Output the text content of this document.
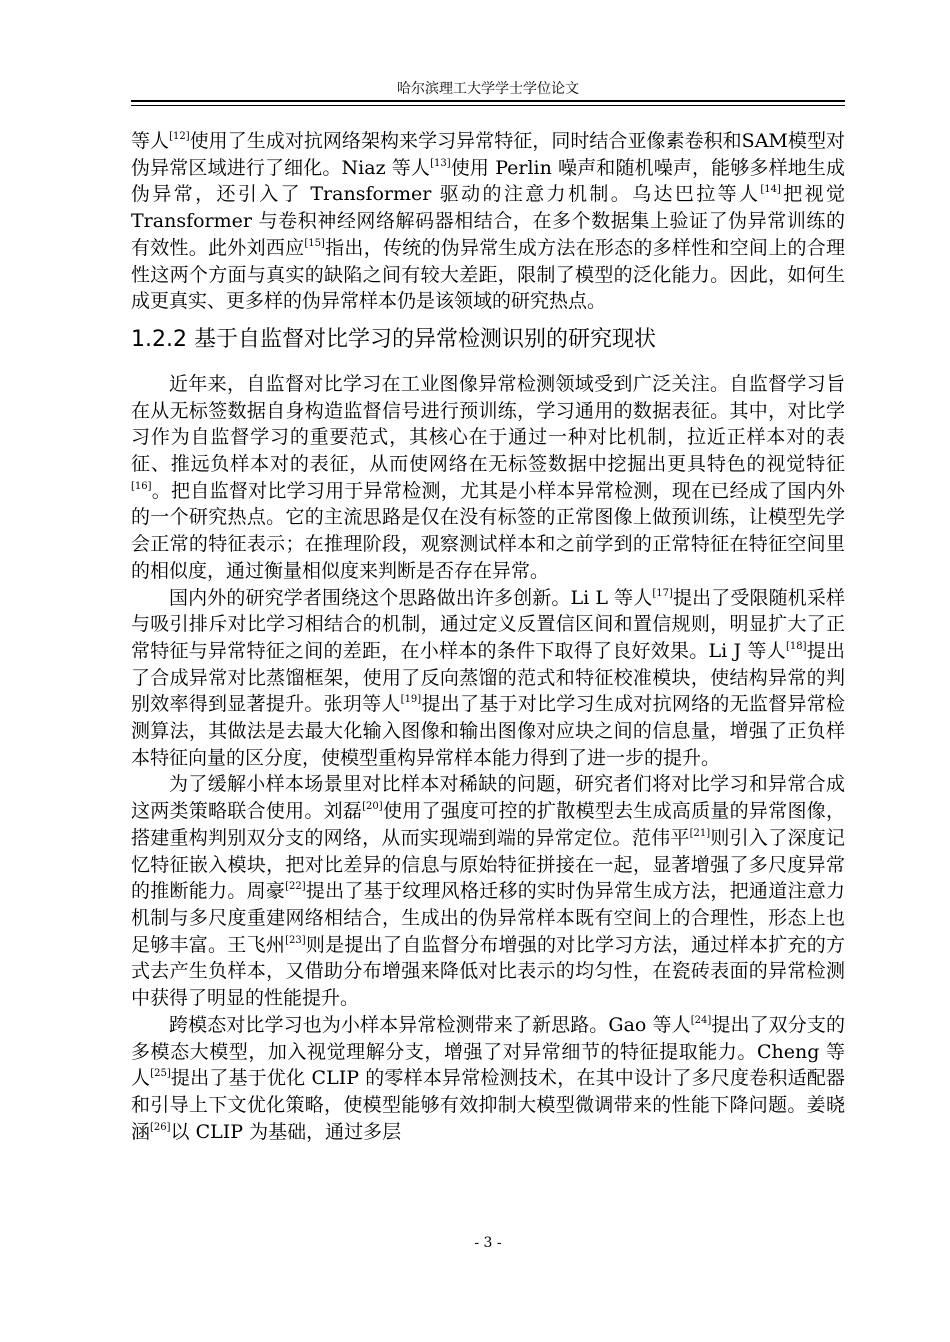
哈尔滨理工大学学士学位论文

等人[12]使用了生成对抗网络架构来学习异常特征，同时结合亚像素卷积和SAM模型对伪异常区域进行了细化。Niaz 等人[13]使用 Perlin 噪声和随机噪声，能够多样地生成伪异常，还引入了 Transformer 驱动的注意力机制。乌达巴拉等人[14]把视觉 Transformer 与卷积神经网络解码器相结合，在多个数据集上验证了伪异常训练的有效性。此外刘西应[15]指出，传统的伪异常生成方法在形态的多样性和空间上的合理性这两个方面与真实的缺陷之间有较大差距，限制了模型的泛化能力。因此，如何生成更真实、更多样的伪异常样本仍是该领域的研究热点。

1.2.2 基于自监督对比学习的异常检测识别的研究现状

近年来，自监督对比学习在工业图像异常检测领域受到广泛关注。自监督学习旨在从无标签数据自身构造监督信号进行预训练，学习通用的数据表征。其中，对比学习作为自监督学习的重要范式，其核心在于通过一种对比机制，拉近正样本对的表征、推远负样本对的表征，从而使网络在无标签数据中挖掘出更具特色的视觉特征[16]。把自监督对比学习用于异常检测，尤其是小样本异常检测，现在已经成了国内外的一个研究热点。它的主流思路是仅在没有标签的正常图像上做预训练，让模型先学会正常的特征表示；在推理阶段，观察测试样本和之前学到的正常特征在特征空间里的相似度，通过衡量相似度来判断是否存在异常。

国内外的研究学者围绕这个思路做出许多创新。Li L 等人[17]提出了受限随机采样与吸引排斥对比学习相结合的机制，通过定义反置信区间和置信规则，明显扩大了正常特征与异常特征之间的差距，在小样本的条件下取得了良好效果。Li J 等人[18]提出了合成异常对比蒸馏框架，使用了反向蒸馏的范式和特征校准模块，使结构异常的判别效率得到显著提升。张玥等人[19]提出了基于对比学习生成对抗网络的无监督异常检测算法，其做法是去最大化输入图像和输出图像对应块之间的信息量，增强了正负样本特征向量的区分度，使模型重构异常样本能力得到了进一步的提升。

为了缓解小样本场景里对比样本对稀缺的问题，研究者们将对比学习和异常合成这两类策略联合使用。刘磊[20]使用了强度可控的扩散模型去生成高质量的异常图像，搭建重构判别双分支的网络，从而实现端到端的异常定位。范伟平[21]则引入了深度记忆特征嵌入模块，把对比差异的信息与原始特征拼接在一起，显著增强了多尺度异常的推断能力。周豪[22]提出了基于纹理风格迁移的实时伪异常生成方法，把通道注意力机制与多尺度重建网络相结合，生成出的伪异常样本既有空间上的合理性，形态上也足够丰富。王飞州[23]则是提出了自监督分布增强的对比学习方法，通过样本扩充的方式去产生负样本，又借助分布增强来降低对比表示的均匀性，在瓷砖表面的异常检测中获得了明显的性能提升。

跨模态对比学习也为小样本异常检测带来了新思路。Gao 等人[24]提出了双分支的多模态大模型，加入视觉理解分支，增强了对异常细节的特征提取能力。Cheng 等人[25]提出了基于优化 CLIP 的零样本异常检测技术，在其中设计了多尺度卷积适配器和引导上下文优化策略，使模型能够有效抑制大模型微调带来的性能下降问题。姜晓涵[26]以 CLIP 为基础，通过多层

- 3 -
